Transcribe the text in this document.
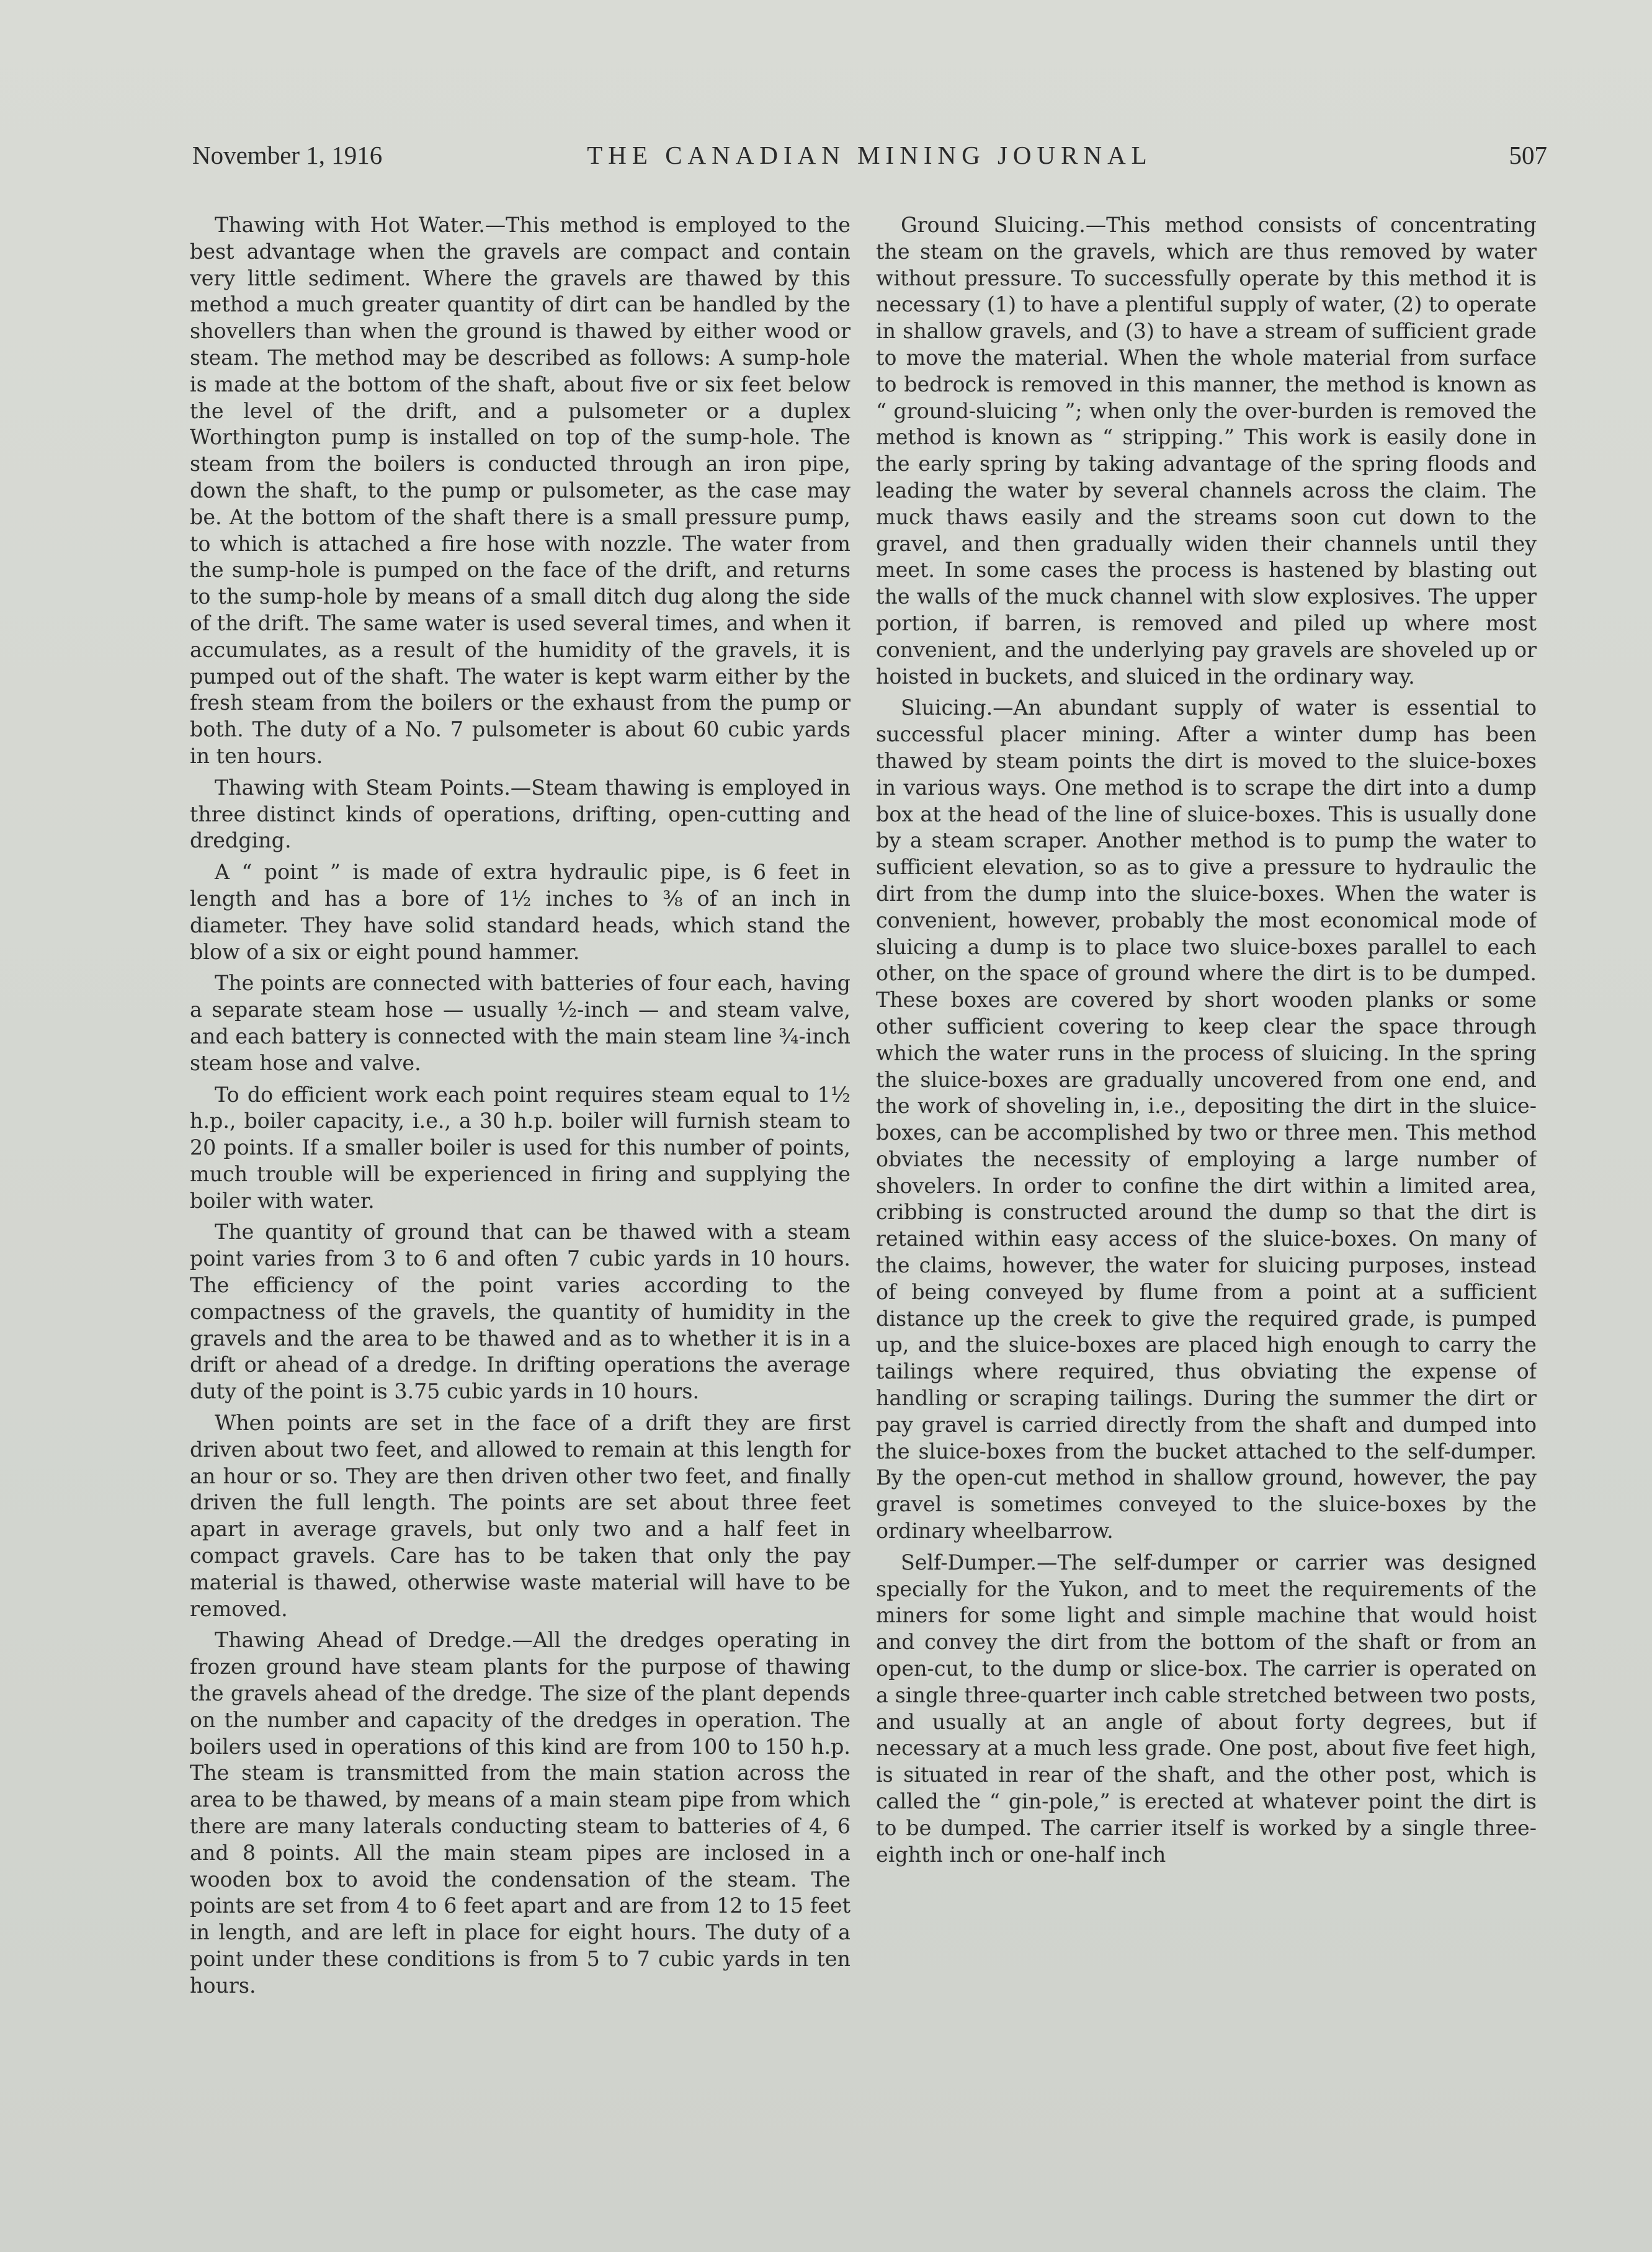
November 1, 1916	THE CANADIAN MINING JOURNAL	507

Thawing with Hot Water.—This method is employed to the best advantage when the gravels are compact and contain very little sediment. Where the gravels are thawed by this method a much greater quantity of dirt can be handled by the shovellers than when the ground is thawed by either wood or steam. The method may be described as follows: A sump-hole is made at the bottom of the shaft, about five or six feet below the level of the drift, and a pulsometer or a duplex Worthington pump is installed on top of the sump-hole. The steam from the boilers is conducted through an iron pipe, down the shaft, to the pump or pulsometer, as the case may be. At the bottom of the shaft there is a small pressure pump, to which is attached a fire hose with nozzle. The water from the sump-hole is pumped on the face of the drift, and returns to the sump-hole by means of a small ditch dug along the side of the drift. The same water is used several times, and when it accumulates, as a result of the humidity of the gravels, it is pumped out of the shaft. The water is kept warm either by the fresh steam from the boilers or the exhaust from the pump or both. The duty of a No. 7 pulsometer is about 60 cubic yards in ten hours.

Thawing with Steam Points.—Steam thawing is employed in three distinct kinds of operations, drifting, open-cutting and dredging.

A “ point ” is made of extra hydraulic pipe, is 6 feet in length and has a bore of 1½ inches to ⅜ of an inch in diameter. They have solid standard heads, which stand the blow of a six or eight pound hammer.

The points are connected with batteries of four each, having a separate steam hose — usually ½-inch — and steam valve, and each battery is connected with the main steam line ¾-inch steam hose and valve.

To do efficient work each point requires steam equal to 1½ h.p., boiler capacity, i.e., a 30 h.p. boiler will furnish steam to 20 points. If a smaller boiler is used for this number of points, much trouble will be experienced in firing and supplying the boiler with water.

The quantity of ground that can be thawed with a steam point varies from 3 to 6 and often 7 cubic yards in 10 hours. The efficiency of the point varies according to the compactness of the gravels, the quantity of humidity in the gravels and the area to be thawed and as to whether it is in a drift or ahead of a dredge. In drifting operations the average duty of the point is 3.75 cubic yards in 10 hours.

When points are set in the face of a drift they are first driven about two feet, and allowed to remain at this length for an hour or so. They are then driven other two feet, and finally driven the full length. The points are set about three feet apart in average gravels, but only two and a half feet in compact gravels. Care has to be taken that only the pay material is thawed, otherwise waste material will have to be removed.

Thawing Ahead of Dredge.—All the dredges operating in frozen ground have steam plants for the purpose of thawing the gravels ahead of the dredge. The size of the plant depends on the number and capacity of the dredges in operation. The boilers used in operations of this kind are from 100 to 150 h.p. The steam is transmitted from the main station across the area to be thawed, by means of a main steam pipe from which there are many laterals conducting steam to batteries of 4, 6 and 8 points. All the main steam pipes are inclosed in a wooden box to avoid the condensation of the steam. The points are set from 4 to 6 feet apart and are from 12 to 15 feet in length, and are left in place for eight hours. The duty of a point under these conditions is from 5 to 7 cubic yards in ten hours.

Ground Sluicing.—This method consists of concentrating the steam on the gravels, which are thus removed by water without pressure. To successfully operate by this method it is necessary (1) to have a plentiful supply of water, (2) to operate in shallow gravels, and (3) to have a stream of sufficient grade to move the material. When the whole material from surface to bedrock is removed in this manner, the method is known as “ ground-sluicing ”; when only the over-burden is removed the method is known as “ stripping.” This work is easily done in the early spring by taking advantage of the spring floods and leading the water by several channels across the claim. The muck thaws easily and the streams soon cut down to the gravel, and then gradually widen their channels until they meet. In some cases the process is hastened by blasting out the walls of the muck channel with slow explosives. The upper portion, if barren, is removed and piled up where most convenient, and the underlying pay gravels are shoveled up or hoisted in buckets, and sluiced in the ordinary way.

Sluicing.—An abundant supply of water is essential to successful placer mining. After a winter dump has been thawed by steam points the dirt is moved to the sluice-boxes in various ways. One method is to scrape the dirt into a dump box at the head of the line of sluice-boxes. This is usually done by a steam scraper. Another method is to pump the water to sufficient elevation, so as to give a pressure to hydraulic the dirt from the dump into the sluice-boxes. When the water is convenient, however, probably the most economical mode of sluicing a dump is to place two sluice-boxes parallel to each other, on the space of ground where the dirt is to be dumped. These boxes are covered by short wooden planks or some other sufficient covering to keep clear the space through which the water runs in the process of sluicing. In the spring the sluice-boxes are gradually uncovered from one end, and the work of shoveling in, i.e., depositing the dirt in the sluice-boxes, can be accomplished by two or three men. This method obviates the necessity of employing a large number of shovelers. In order to confine the dirt within a limited area, cribbing is constructed around the dump so that the dirt is retained within easy access of the sluice-boxes. On many of the claims, however, the water for sluicing purposes, instead of being conveyed by flume from a point at a sufficient distance up the creek to give the required grade, is pumped up, and the sluice-boxes are placed high enough to carry the tailings where required, thus obviating the expense of handling or scraping tailings. During the summer the dirt or pay gravel is carried directly from the shaft and dumped into the sluice-boxes from the bucket attached to the self-dumper. By the open-cut method in shallow ground, however, the pay gravel is sometimes conveyed to the sluice-boxes by the ordinary wheelbarrow.

Self-Dumper.—The self-dumper or carrier was designed specially for the Yukon, and to meet the requirements of the miners for some light and simple machine that would hoist and convey the dirt from the bottom of the shaft or from an open-cut, to the dump or slice-box. The carrier is operated on a single three-quarter inch cable stretched between two posts, and usually at an angle of about forty degrees, but if necessary at a much less grade. One post, about five feet high, is situated in rear of the shaft, and the other post, which is called the “ gin-pole,” is erected at whatever point the dirt is to be dumped. The carrier itself is worked by a single three-eighth inch or one-half inch
